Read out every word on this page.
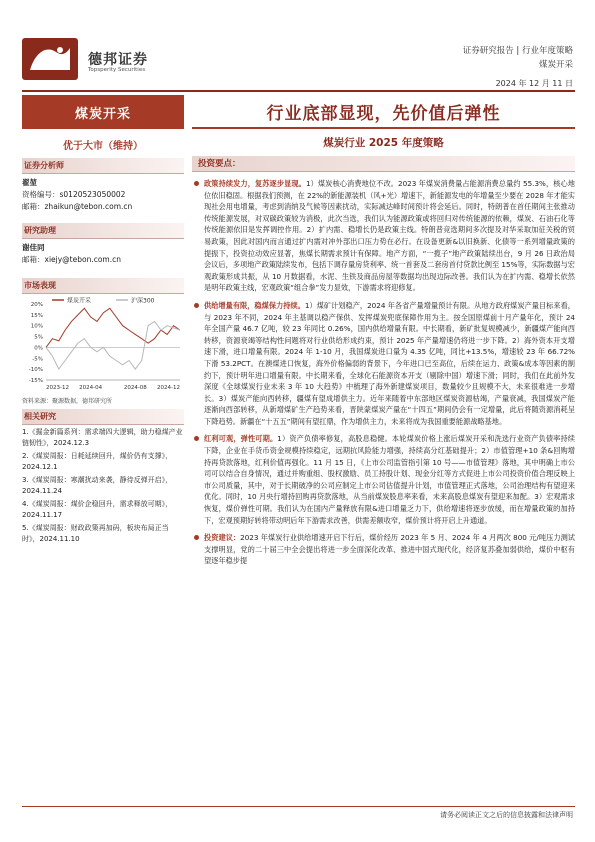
德邦证券
Topsperity Securities
证券研究报告 | 行业年度策略
煤炭开采
2024 年 12 月 11 日
煤炭开采
优于大市（维持）
证券分析师
翟堃
资格编号：s0120523050002
邮箱：zhaikun@tebon.com.cn
研究助理
谢佳同
邮箱：xiejy@tebon.com.cn
市场表现
煤炭开采	沪深300
20%
15%
10%
5%
0%
-5%
-10%
-15%
2023-12 2024-04	2024-08 2024-12
资料来源：聚源数据，德邦研究所
相关研究
1.《掘金新篇系列：需求端四大逻辑，助力稳煤产业链韧性》，2024.12.3
2.《煤炭周报：日耗延续回升，煤价仍有支撑》，2024.12.1
3.《煤炭周报：寒潮扰动来袭，静待反弹开启》，2024.11.24
4.《煤炭周报：煤价企稳回升，需求释放可期》，2024.11.17
5.《煤炭周报：财政政策再加码，板块布局正当时》，2024.11.10
行业底部显现，先价值后弹性
煤炭行业 2025 年度策略
投资要点：
政策持续发力，复苏逐步显现。1）煤炭核心消费地位不改。2023 年煤炭消费量占能源消费总量约 55.3%，核心地位依旧稳固。根据我们预测，在 22%的新能源装机（风+光）增速下，新能源发电的年增量至少要在 2028 年才能实现社会用电增量，考虑到消纳及气候等因素扰动，实际减达峰时间预计将会延后。同时，特朗普在首任期间主张推动传统能源发展，对双碳政策较为消极，此次当选，我们认为能源政策或将回归对传统能源的依赖，煤炭、石油石化等传统能源依旧是发挥调控作用。2）扩内需、稳增长仍是政策主线。特朗普竞选期间多次提及对华采取加征关税的贸易政策，因此对国内而言通过扩内需对冲外部出口压力势在必行。在设备更新&以旧换新、化债等一系列增量政策的提振下，投资拉动效应显著，焦煤长期需求预计有保障。地产方面，“一揽子”地产政策陆续出台，9 月 26 日政治局会议后，多项地产政策陆续发布，包括下调存量房贷利率、统一首套及二套房首付贷款比例至 15%等，实际数据与宏观政策形成共振，从 10 月数据看，水泥、生铁及商品房屋等数据均出现边际改善。我们认为在扩内需、稳增长依然是明年政策主线，宏观政策“组合拳”发力显效，下游需求将迎修复。
供给增量有限，稳煤保力持续。1）煤矿计划稳产，2024 年各省产量增量预计有限。从地方政府煤炭产量目标来看，与 2023 年不同，2024 年主基调以稳产保供、发挥煤炭兜底保障作用为主。按全国原煤前十月产量年化，预计 24 年全国产量 46.7 亿吨，较 23 年同比 0.26%，国内供给增量有限。中长期看，新矿批复规模减少，新疆煤产能向西转移，资源衰竭等结构性问题将对行业供给形成约束，预计 2025 年产量增速仍将进一步下降。2）海外资本开支增速下滑，进口增量有限。2024 年 1-10 月，我国煤炭进口量为 4.35 亿吨，同比+13.5%，增速较 23 年 66.72%下滑 53.2PCT。在澳煤进口恢复，海外价格偏弱的背景下，今年进口已至高位，后续在运力、政策&成本等因素的制约下，预计明年进口增量有限。中长期来看，全球化石能源资本开支（剔除中国）增速下滑；同时，我们在此前外发深度《全球煤炭行业未来 3 年 10 大趋势》中梳理了海外新建煤炭项目，数量较少且规模不大，未来很难进一步增长。3）煤炭产能向西转移，疆煤有望成增供主力。近年来随着中东部地区煤炭资源枯竭，产量衰减，我国煤炭产能逐渐向西部转移，从新增煤矿生产趋势来看，晋陕蒙煤炭产量在“十四五”期间仍会有一定增量，此后将随资源消耗呈下降趋势。新疆在“十五五”期间有望扛鼎，作为增供主力，未来将成为我国重要能源战略基地。
红利可观，弹性可期。1）资产负债率修复，高股息稳健。本轮煤炭价格上涨后煤炭开采和洗选行业资产负债率持续下降，企业在手货币资金规模持续稳定，远期抗风险能力增强，持续高分红基础提升；2）市值管理+10 条&回购增持再贷款落地，红利价值再强化。11 月 15 日，《上市公司监管指引第 10 号——市值管理》落地，其中明确上市公司可以结合自身情况，通过并购重组、股权激励、员工持股计划、现金分红等方式促进上市公司投资价值合理反映上市公司质量，其中，对于长期破净的公司应制定上市公司估值提升计划，市值管理正式落地，公司治理结构有望迎来优化。同时，10 月央行增持回购再贷款落地，从当前煤炭股息率来看，未来高股息煤炭有望迎来加配。3）宏观需求恢复，煤价弹性可期。我们认为在国内产量释放有限&进口增量乏力下，供给增速将逐步放缓，而在增量政策的加持下，宏观预期好转将带动明后年下游需求改善，供需差额收窄，煤价预计将开启上升通道。
投资建议：2023 年煤炭行业供给增速开启下行后，煤价经历 2023 年 5 月、2024 年 4 月两次 800 元/吨压力测试支撑明显，党的二十届三中全会提出将进一步全面深化改革、推进中国式现代化，经济复苏叠加弱供给，煤价中枢有望逐年稳步提
请务必阅读正文之后的信息披露和法律声明
